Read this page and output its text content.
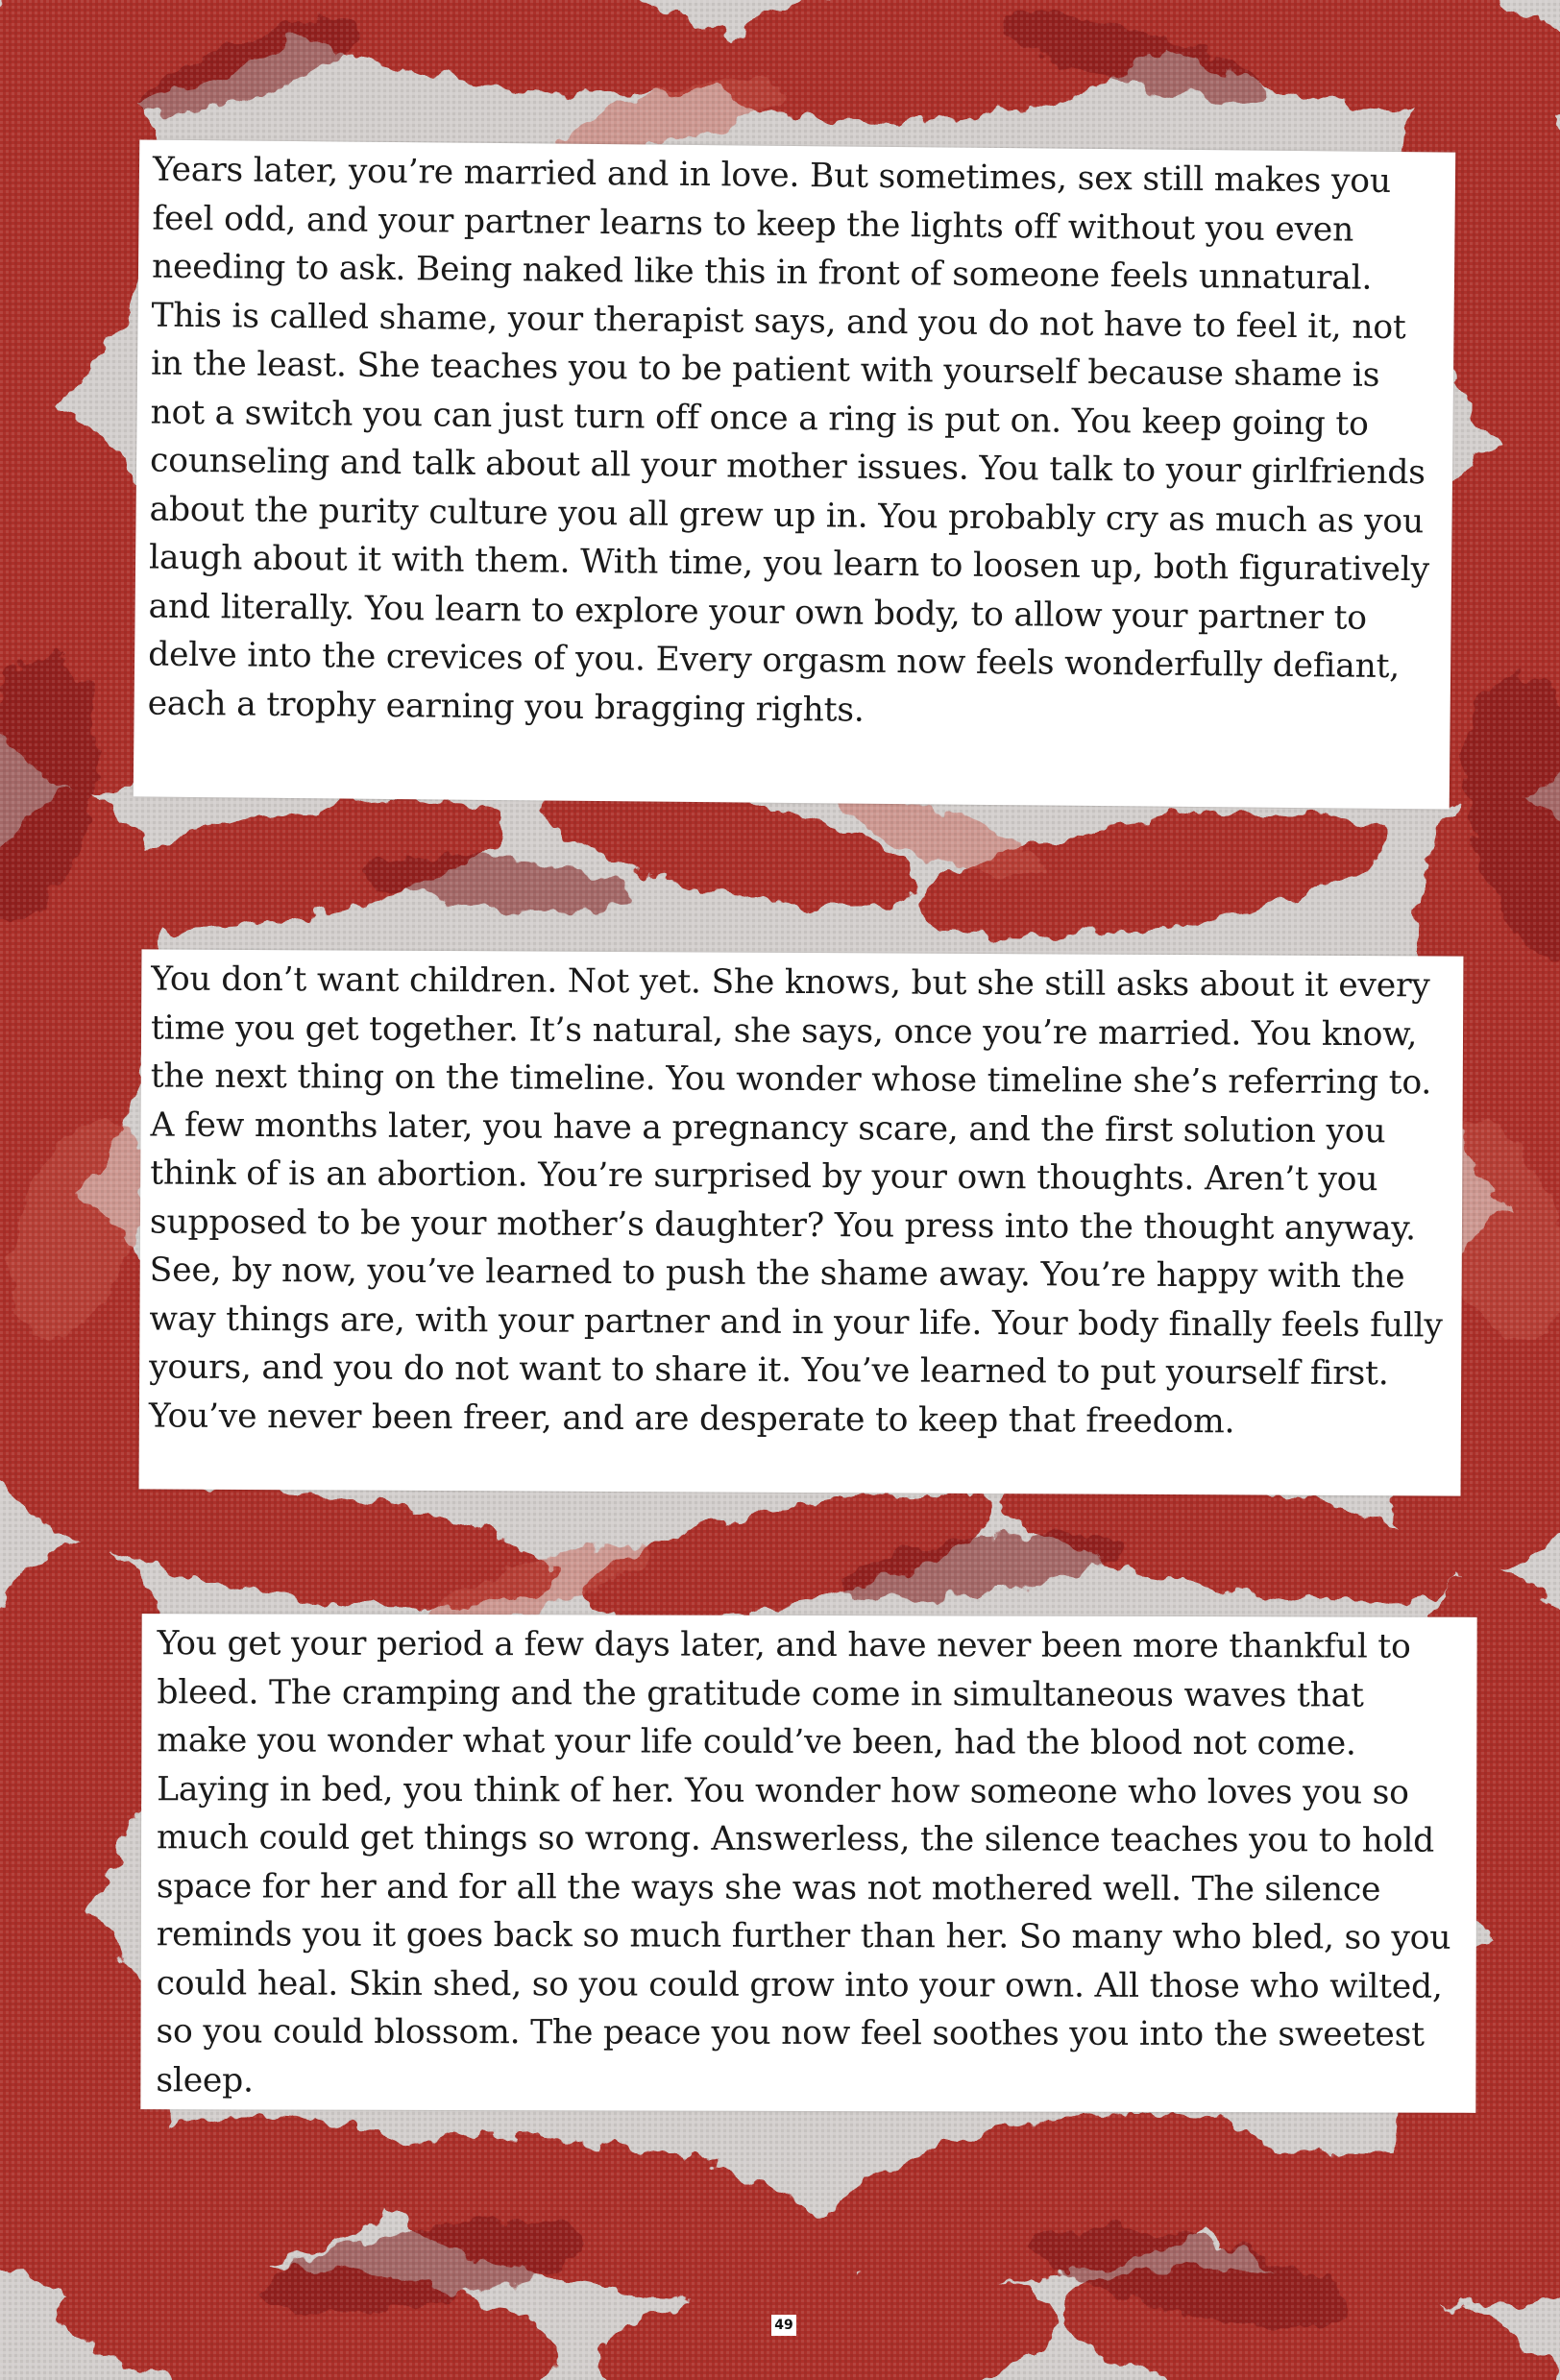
Years later, you’re married and in love. But sometimes, sex still makes you feel odd, and your partner learns to keep the lights off without you even needing to ask. Being naked like this in front of someone feels unnatural. This is called shame, your therapist says, and you do not have to feel it, not in the least. She teaches you to be patient with yourself because shame is not a switch you can just turn off once a ring is put on. You keep going to counseling and talk about all your mother issues. You talk to your girlfriends about the purity culture you all grew up in. You probably cry as much as you laugh about it with them. With time, you learn to loosen up, both figuratively and literally. You learn to explore your own body, to allow your partner to delve into the crevices of you. Every orgasm now feels wonderfully defiant, each a trophy earning you bragging rights.

You don’t want children. Not yet. She knows, but she still asks about it every time you get together. It’s natural, she says, once you’re married. You know, the next thing on the timeline. You wonder whose timeline she’s referring to. A few months later, you have a pregnancy scare, and the first solution you think of is an abortion. You’re surprised by your own thoughts. Aren’t you supposed to be your mother’s daughter? You press into the thought anyway. See, by now, you’ve learned to push the shame away. You’re happy with the way things are, with your partner and in your life. Your body finally feels fully yours, and you do not want to share it. You’ve learned to put yourself first. You’ve never been freer, and are desperate to keep that freedom.

You get your period a few days later, and have never been more thankful to bleed. The cramping and the gratitude come in simultaneous waves that make you wonder what your life could’ve been, had the blood not come. Laying in bed, you think of her. You wonder how someone who loves you so much could get things so wrong. Answerless, the silence teaches you to hold space for her and for all the ways she was not mothered well. The silence reminds you it goes back so much further than her. So many who bled, so you could heal. Skin shed, so you could grow into your own. All those who wilted, so you could blossom. The peace you now feel soothes you into the sweetest sleep.

49
